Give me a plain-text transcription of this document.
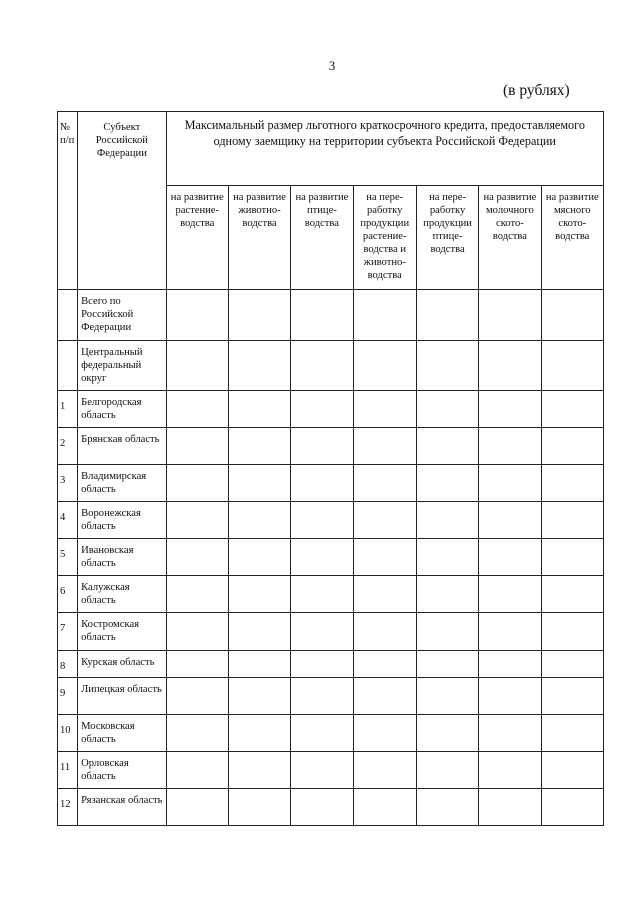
3
(в рублях)
№ п/п	Субъект Российской Федерации	Максимальный размер льготного краткосрочного кредита, предоставляемого одному заемщику на территории субъекта Российской Федерации						
		на развитие растение-водства	на развитие животно-водства	на развитие птице-водства	на пере-работку продукции растение-водства и животно-водства	на пере-работку продукции птице-водства	на развитие молочного ското-водства	на развитие мясного ското-водства
	Всего по Российской Федерации							
	Центральный федеральный округ							
1	Белгородская область							
2	Брянская область							
3	Владимирская область							
4	Воронежская область							
5	Ивановская область							
6	Калужская область							
7	Костромская область							
8	Курская область							
9	Липецкая область							
10	Московская область							
11	Орловская область							
12	Рязанская область							
